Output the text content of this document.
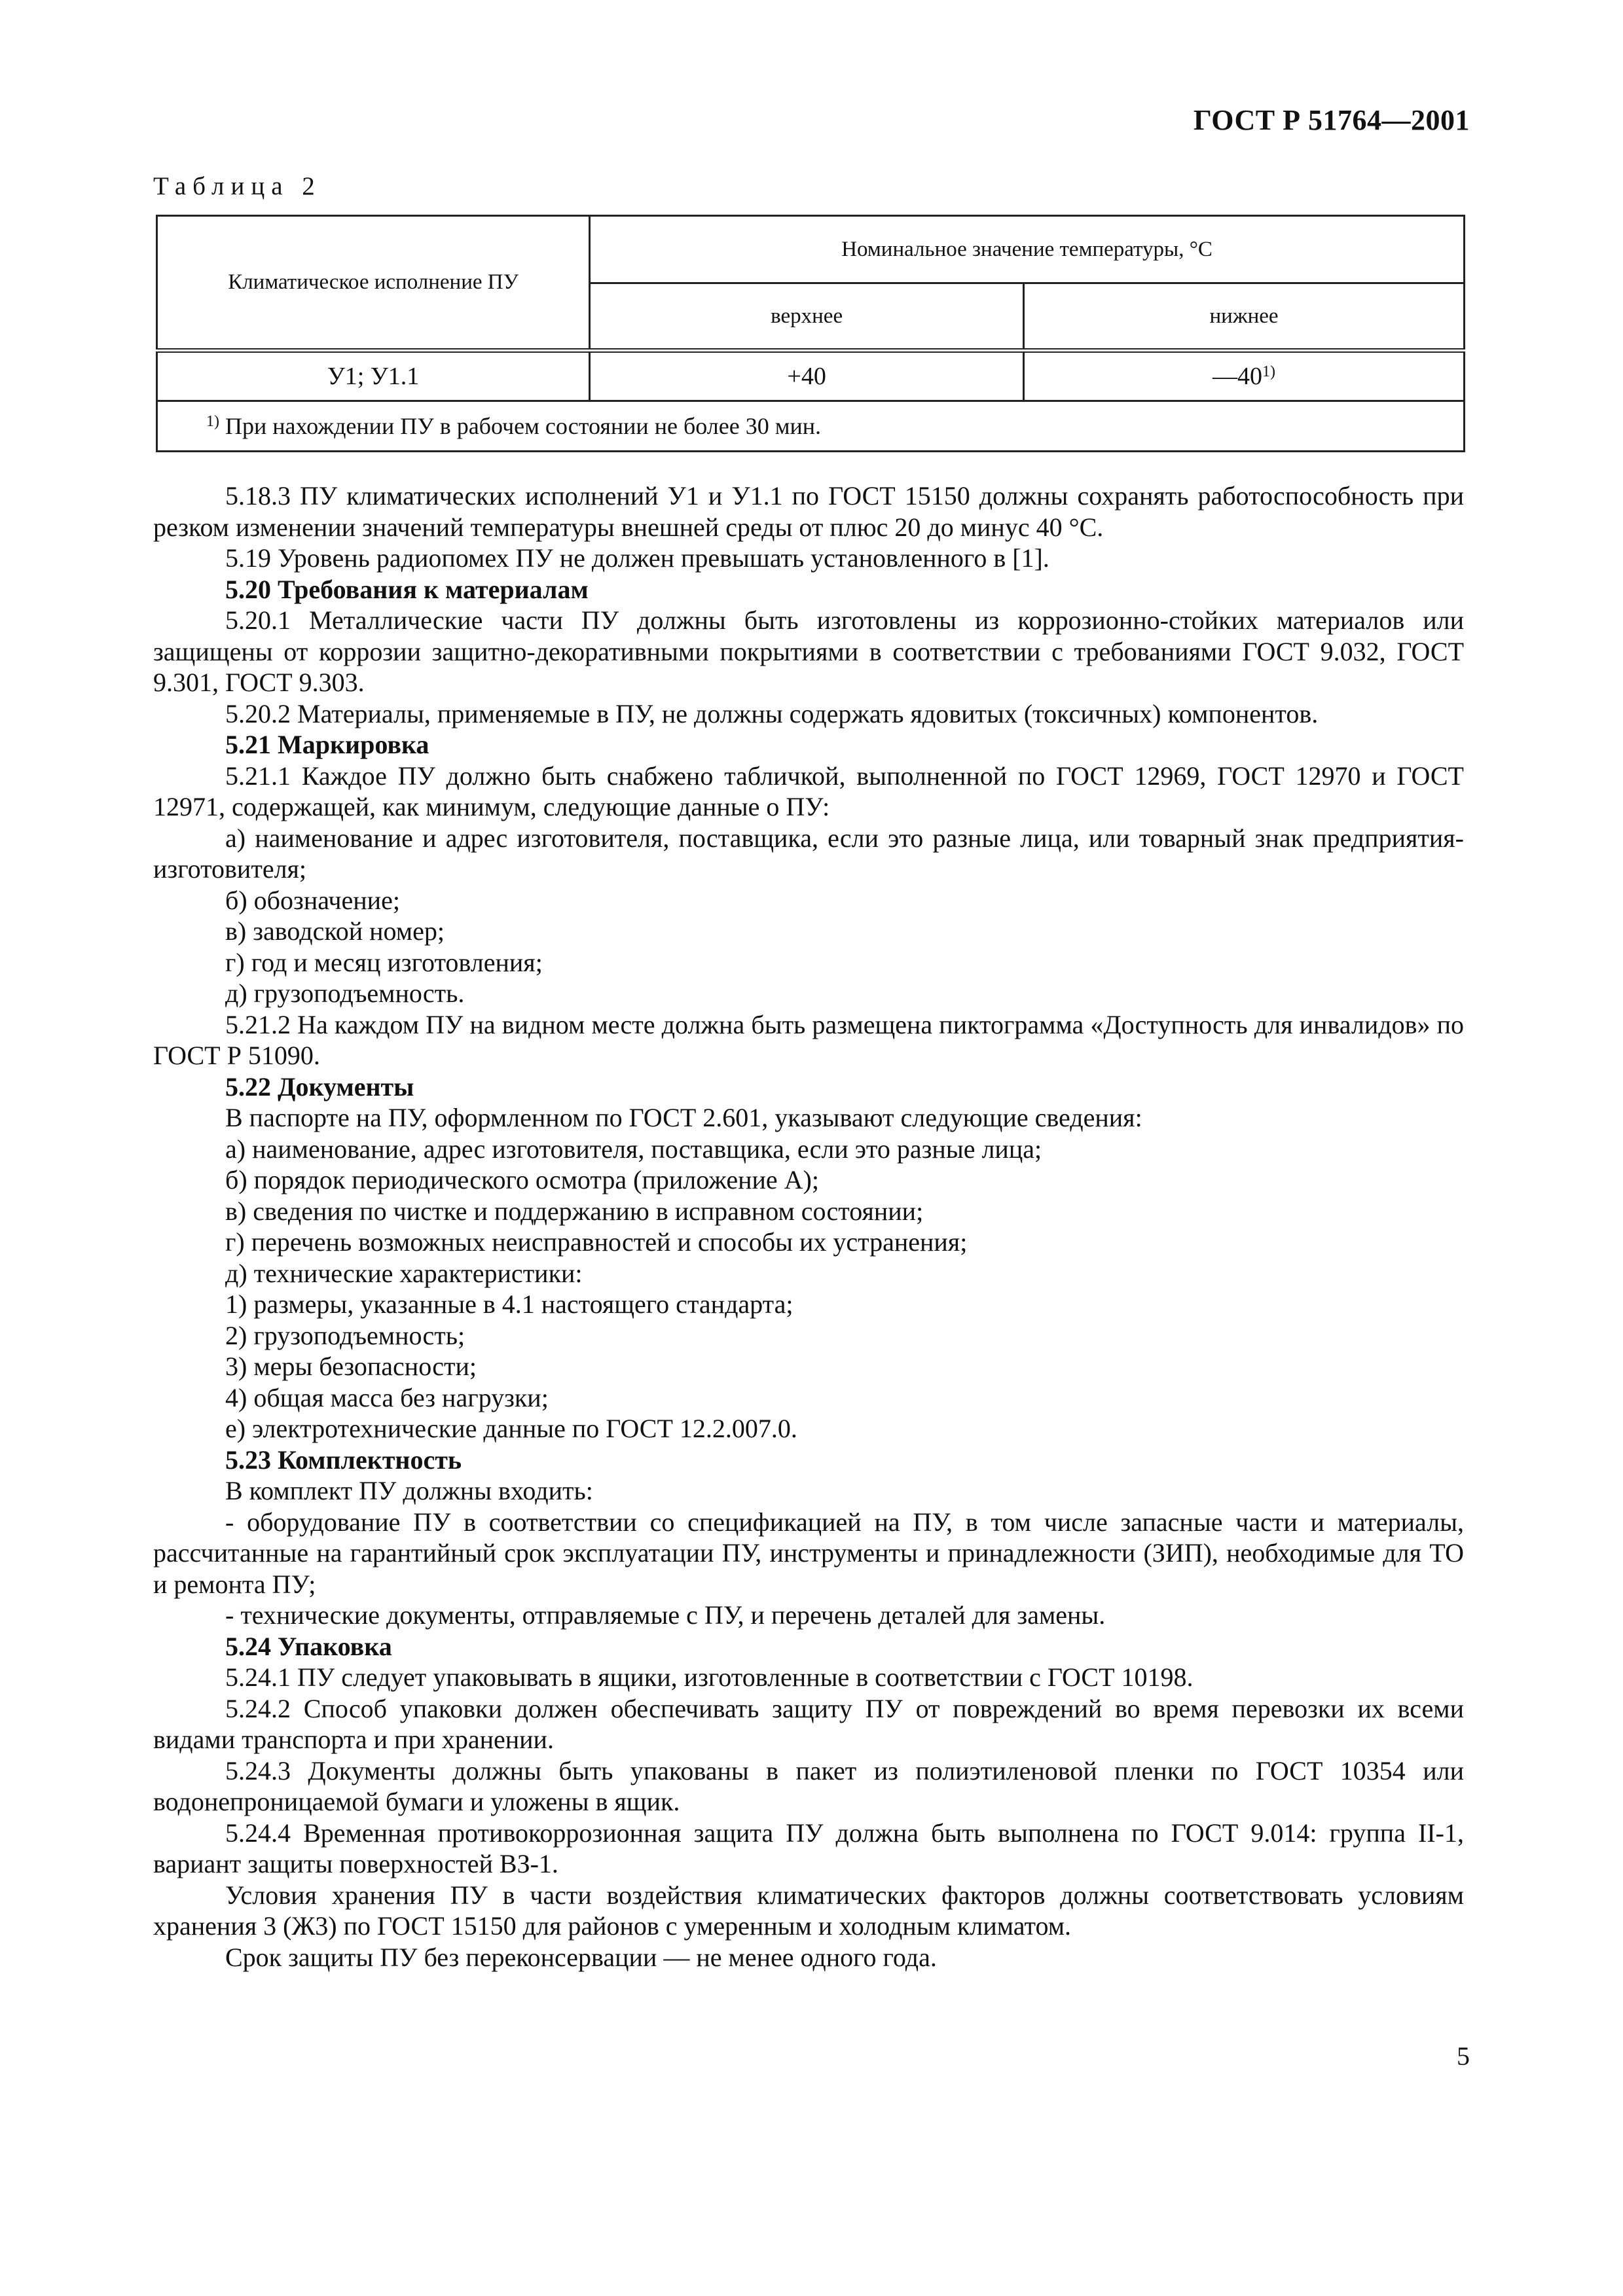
ГОСТ Р 51764—2001
Таблица 2
Климатическое исполнение ПУ	Номинальное значение температуры, °С	
	верхнее	нижнее
У1; У1.1	+40	—40$^{1)}$
$^{1)}$ При нахождении ПУ в рабочем состоянии не более 30 мин.		

5.18.3 ПУ климатических исполнений У1 и У1.1 по ГОСТ 15150 должны сохранять работоспособность при резком изменении значений температуры внешней среды от плюс 20 до минус 40 °С.

5.19 Уровень радиопомех ПУ не должен превышать установленного в [1].

5.20 Требования к материалам

5.20.1 Металлические части ПУ должны быть изготовлены из коррозионно-стойких материалов или защищены от коррозии защитно-декоративными покрытиями в соответствии с требованиями ГОСТ 9.032, ГОСТ 9.301, ГОСТ 9.303.

5.20.2 Материалы, применяемые в ПУ, не должны содержать ядовитых (токсичных) компонентов.

5.21 Маркировка

5.21.1 Каждое ПУ должно быть снабжено табличкой, выполненной по ГОСТ 12969, ГОСТ 12970 и ГОСТ 12971, содержащей, как минимум, следующие данные о ПУ:

а) наименование и адрес изготовителя, поставщика, если это разные лица, или товарный знак предприятия-изготовителя;

б) обозначение;

в) заводской номер;

г) год и месяц изготовления;

д) грузоподъемность.

5.21.2 На каждом ПУ на видном месте должна быть размещена пиктограмма «Доступность для инвалидов» по ГОСТ Р 51090.

5.22 Документы

В паспорте на ПУ, оформленном по ГОСТ 2.601, указывают следующие сведения:

а) наименование, адрес изготовителя, поставщика, если это разные лица;

б) порядок периодического осмотра (приложение А);

в) сведения по чистке и поддержанию в исправном состоянии;

г) перечень возможных неисправностей и способы их устранения;

д) технические характеристики:

1) размеры, указанные в 4.1 настоящего стандарта;

2) грузоподъемность;

3) меры безопасности;

4) общая масса без нагрузки;

е) электротехнические данные по ГОСТ 12.2.007.0.

5.23 Комплектность

В комплект ПУ должны входить:

- оборудование ПУ в соответствии со спецификацией на ПУ, в том числе запасные части и материалы, рассчитанные на гарантийный срок эксплуатации ПУ, инструменты и принадлежности (ЗИП), необходимые для ТО и ремонта ПУ;

- технические документы, отправляемые с ПУ, и перечень деталей для замены.

5.24 Упаковка

5.24.1 ПУ следует упаковывать в ящики, изготовленные в соответствии с ГОСТ 10198.

5.24.2 Способ упаковки должен обеспечивать защиту ПУ от повреждений во время перевозки их всеми видами транспорта и при хранении.

5.24.3 Документы должны быть упакованы в пакет из полиэтиленовой пленки по ГОСТ 10354 или водонепроницаемой бумаги и уложены в ящик.

5.24.4 Временная противокоррозионная защита ПУ должна быть выполнена по ГОСТ 9.014: группа II-1, вариант защиты поверхностей ВЗ-1.

Условия хранения ПУ в части воздействия климатических факторов должны соответствовать условиям хранения 3 (Ж3) по ГОСТ 15150 для районов с умеренным и холодным климатом.

Срок защиты ПУ без переконсервации — не менее одного года.

5
